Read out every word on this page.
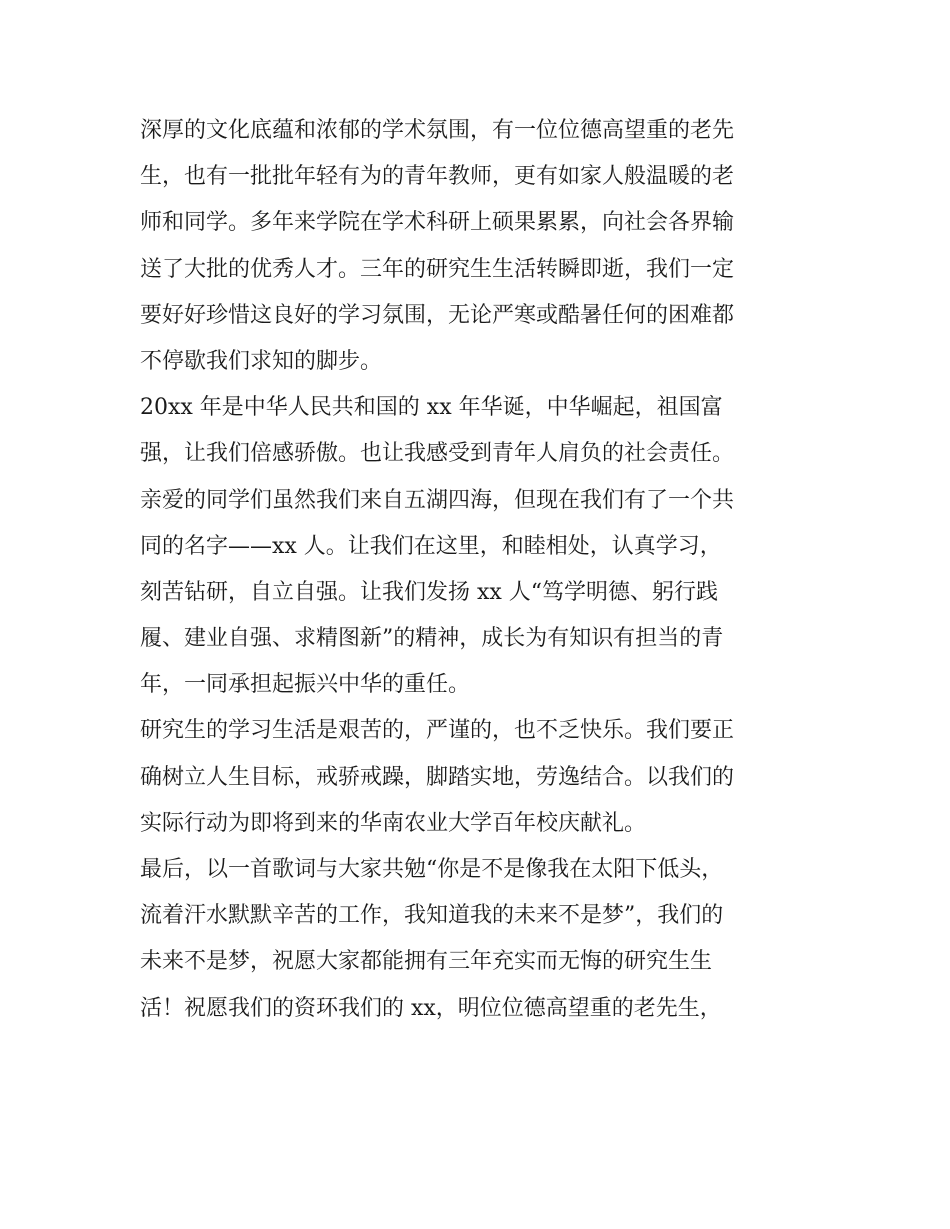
深厚的文化底蕴和浓郁的学术氛围，有一位位德高望重的老先
生，也有一批批年轻有为的青年教师，更有如家人般温暖的老
师和同学。多年来学院在学术科研上硕果累累，向社会各界输
送了大批的优秀人才。三年的研究生生活转瞬即逝，我们一定
要好好珍惜这良好的学习氛围，无论严寒或酷暑任何的困难都
不停歇我们求知的脚步。
20xx 年是中华人民共和国的 xx 年华诞，中华崛起，祖国富
强，让我们倍感骄傲。也让我感受到青年人肩负的社会责任。
亲爱的同学们虽然我们来自五湖四海，但现在我们有了一个共
同的名字——xx 人。让我们在这里，和睦相处，认真学习，
刻苦钻研，自立自强。让我们发扬 xx 人“笃学明德、躬行践
履、建业自强、求精图新”的精神，成长为有知识有担当的青
年，一同承担起振兴中华的重任。
研究生的学习生活是艰苦的，严谨的，也不乏快乐。我们要正
确树立人生目标，戒骄戒躁，脚踏实地，劳逸结合。以我们的
实际行动为即将到来的华南农业大学百年校庆献礼。
最后，以一首歌词与大家共勉“你是不是像我在太阳下低头，
流着汗水默默辛苦的工作，我知道我的未来不是梦”，我们的
未来不是梦，祝愿大家都能拥有三年充实而无悔的研究生生
活！祝愿我们的资环我们的 xx，明位位德高望重的老先生，
